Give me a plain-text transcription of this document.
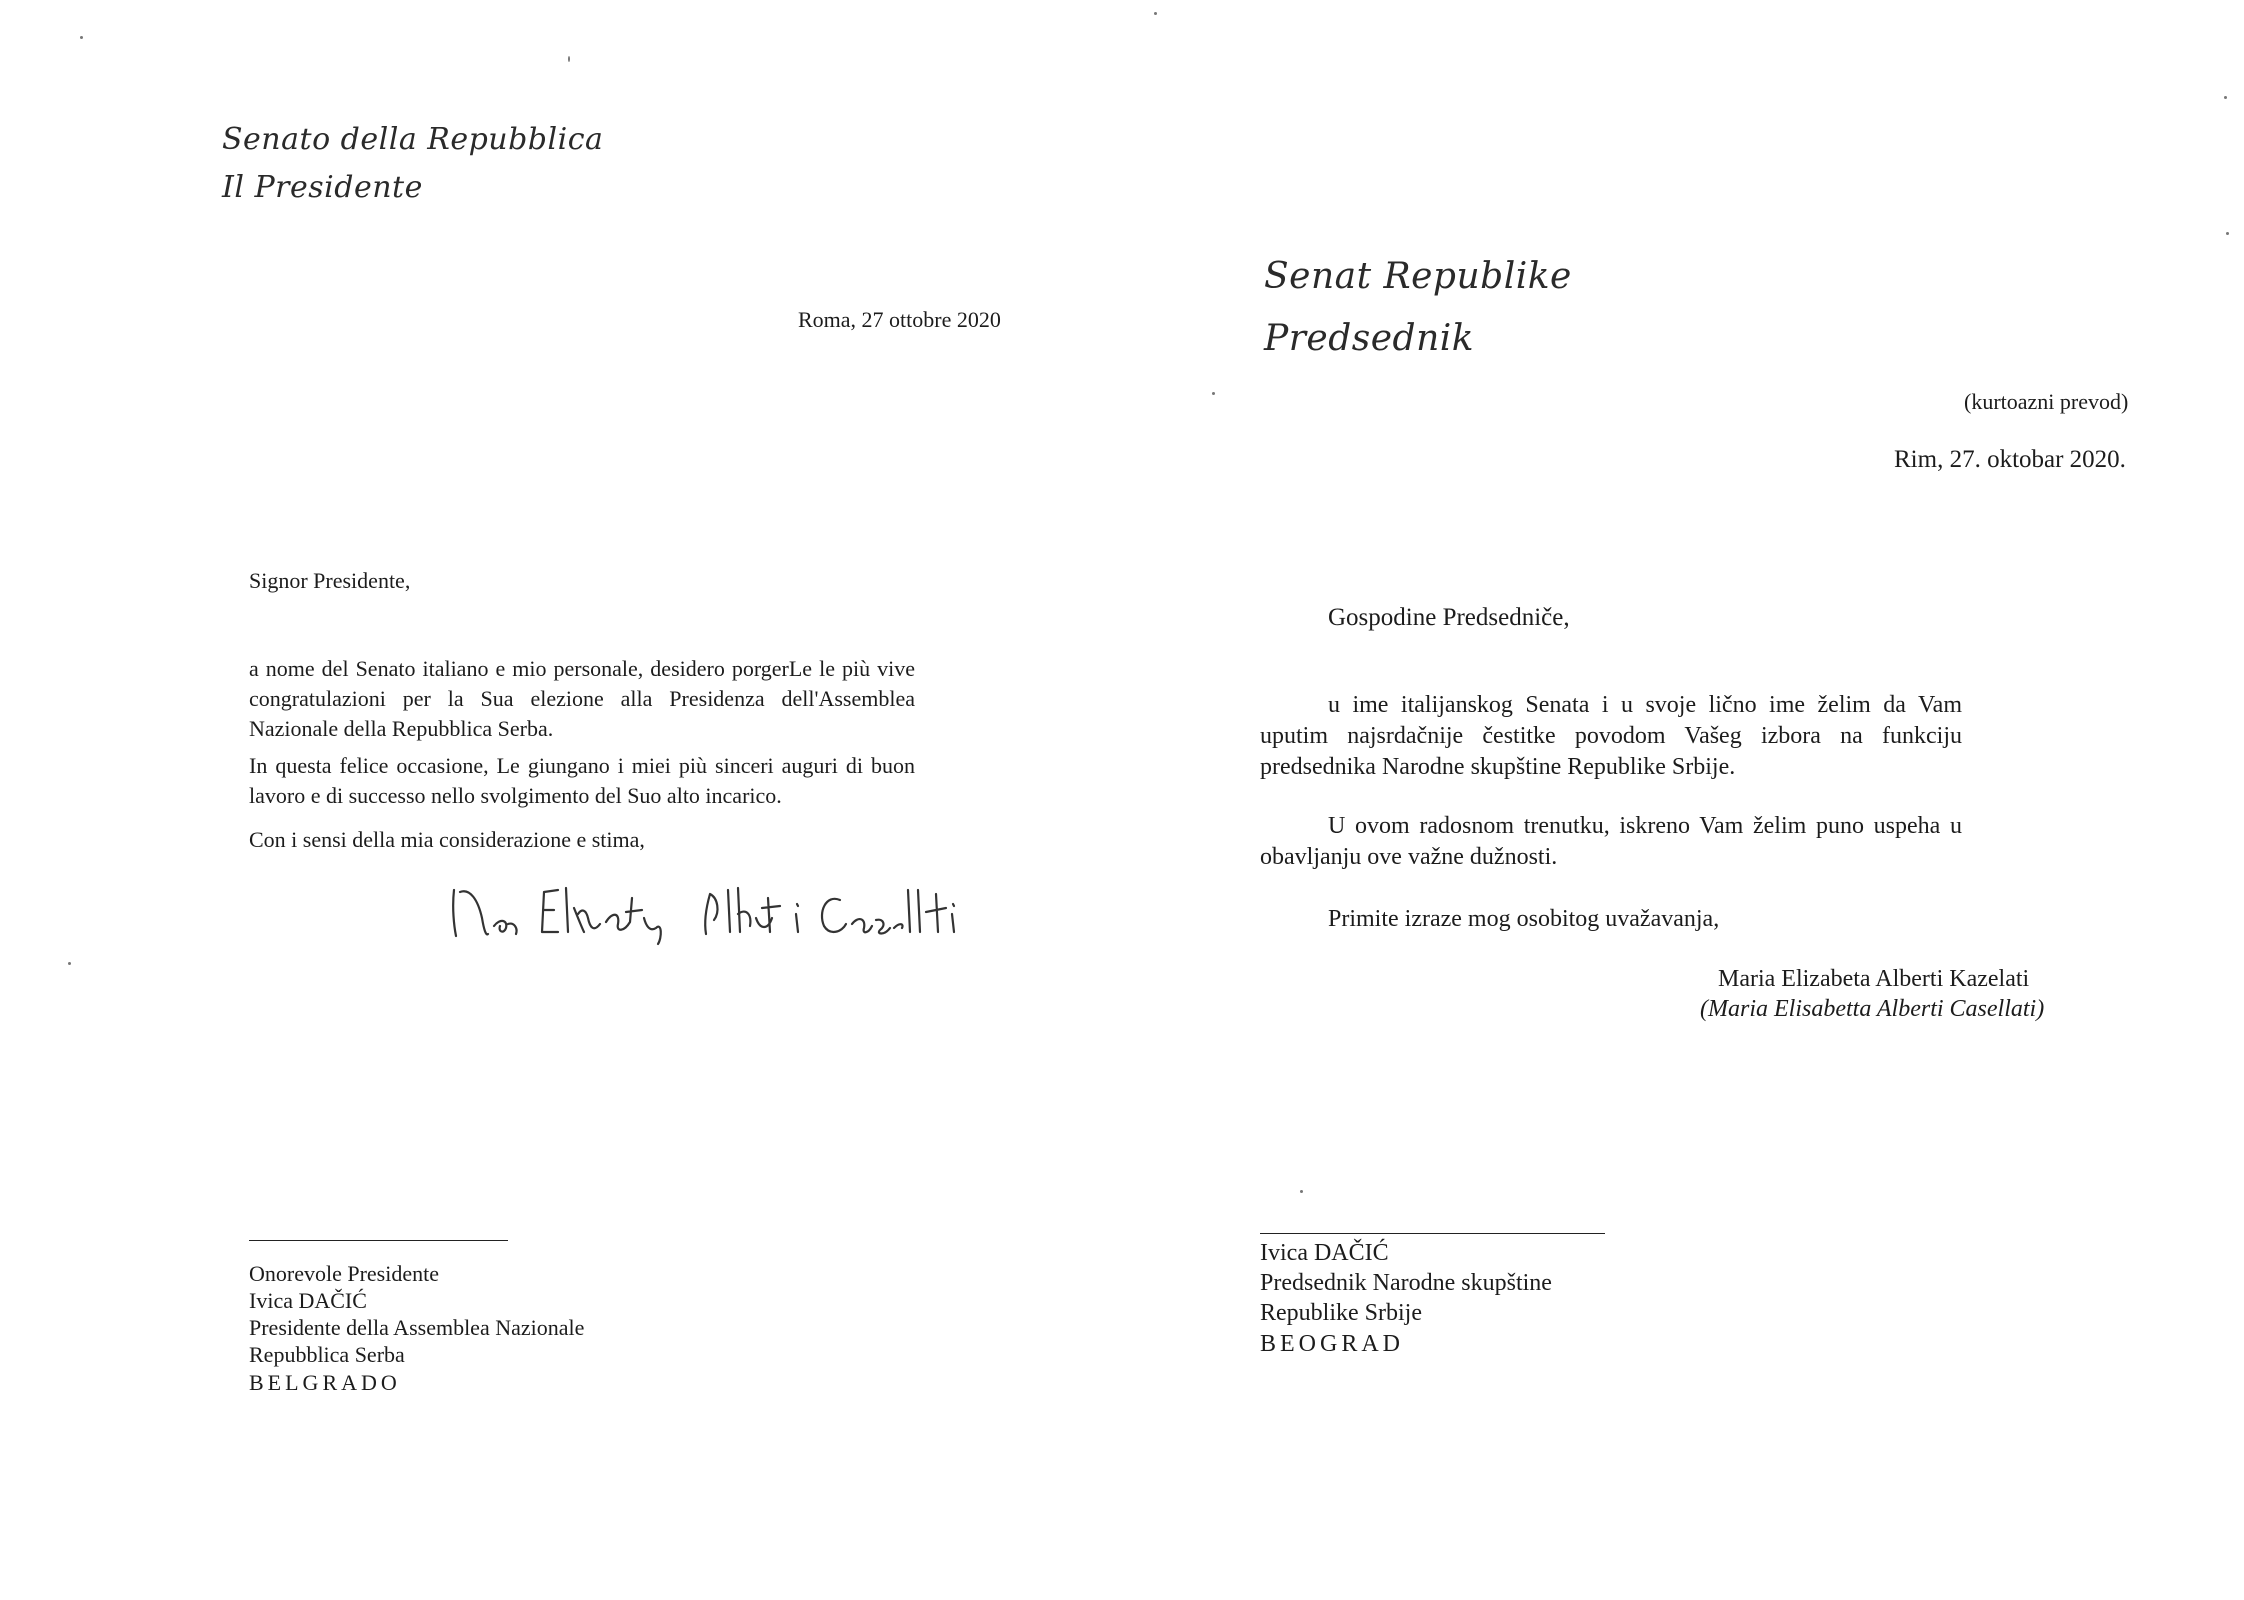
Senato della Repubblica
Il Presidente
Roma, 27 ottobre 2020
Signor Presidente,

a nome del Senato italiano e mio personale, desidero porgerLe le più vive congratulazioni per la Sua elezione alla Presidenza dell'Assemblea Nazionale della Repubblica Serba.

In questa felice occasione, Le giungano i miei più sinceri auguri di buon lavoro e di successo nello svolgimento del Suo alto incarico.

Con i sensi della mia considerazione e stima,
Onorevole Presidente
Ivica DAČIĆ
Presidente della Assemblea Nazionale
Repubblica Serba
BELGRADO
Senat Republike
Predsednik
(kurtoazni prevod)
Rim, 27. oktobar 2020.
Gospodine Predsedniče,

u ime italijanskog Senata i u svoje lično ime želim da Vam uputim najsrdačnije čestitke povodom Vašeg izbora na funkciju predsednika Narodne skupštine Republike Srbije.

U ovom radosnom trenutku, iskreno Vam želim puno uspeha u obavljanju ove važne dužnosti.

Primite izraze mog osobitog uvažavanja,
Maria Elizabeta Alberti Kazelati
(Maria Elisabetta Alberti Casellati)
Ivica DAČIĆ
Predsednik Narodne skupštine
Republike Srbije
BEOGRAD
